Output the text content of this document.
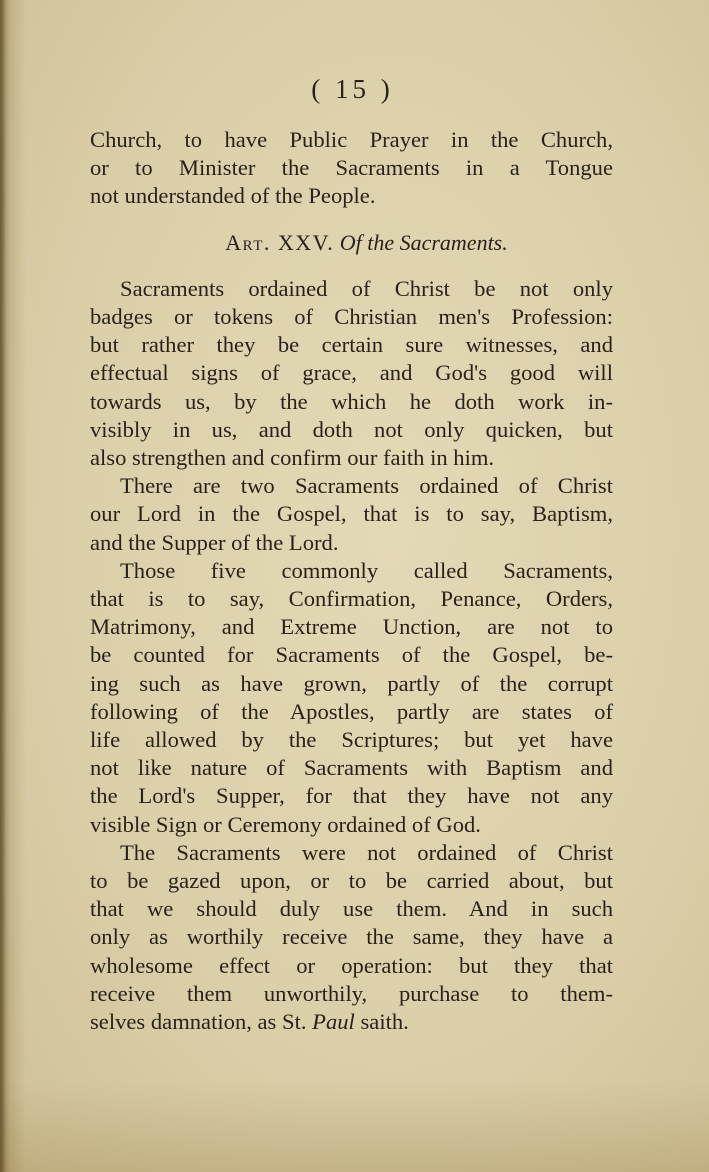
( 15 )
Church, to have Public Prayer in the Church,
or to Minister the Sacraments in a Tongue
not understanded of the People.
Art. XXV. Of the Sacraments.
Sacraments ordained of Christ be not only
badges or tokens of Christian men's Profession:
but rather they be certain sure witnesses, and
effectual signs of grace, and God's good will
towards us, by the which he doth work in-
visibly in us, and doth not only quicken, but
also strengthen and confirm our faith in him.
There are two Sacraments ordained of Christ
our Lord in the Gospel, that is to say, Baptism,
and the Supper of the Lord.
Those five commonly called Sacraments,
that is to say, Confirmation, Penance, Orders,
Matrimony, and Extreme Unction, are not to
be counted for Sacraments of the Gospel, be-
ing such as have grown, partly of the corrupt
following of the Apostles, partly are states of
life allowed by the Scriptures; but yet have
not like nature of Sacraments with Baptism and
the Lord's Supper, for that they have not any
visible Sign or Ceremony ordained of God.
The Sacraments were not ordained of Christ
to be gazed upon, or to be carried about, but
that we should duly use them. And in such
only as worthily receive the same, they have a
wholesome effect or operation: but they that
receive them unworthily, purchase to them-
selves damnation, as St. Paul saith.
